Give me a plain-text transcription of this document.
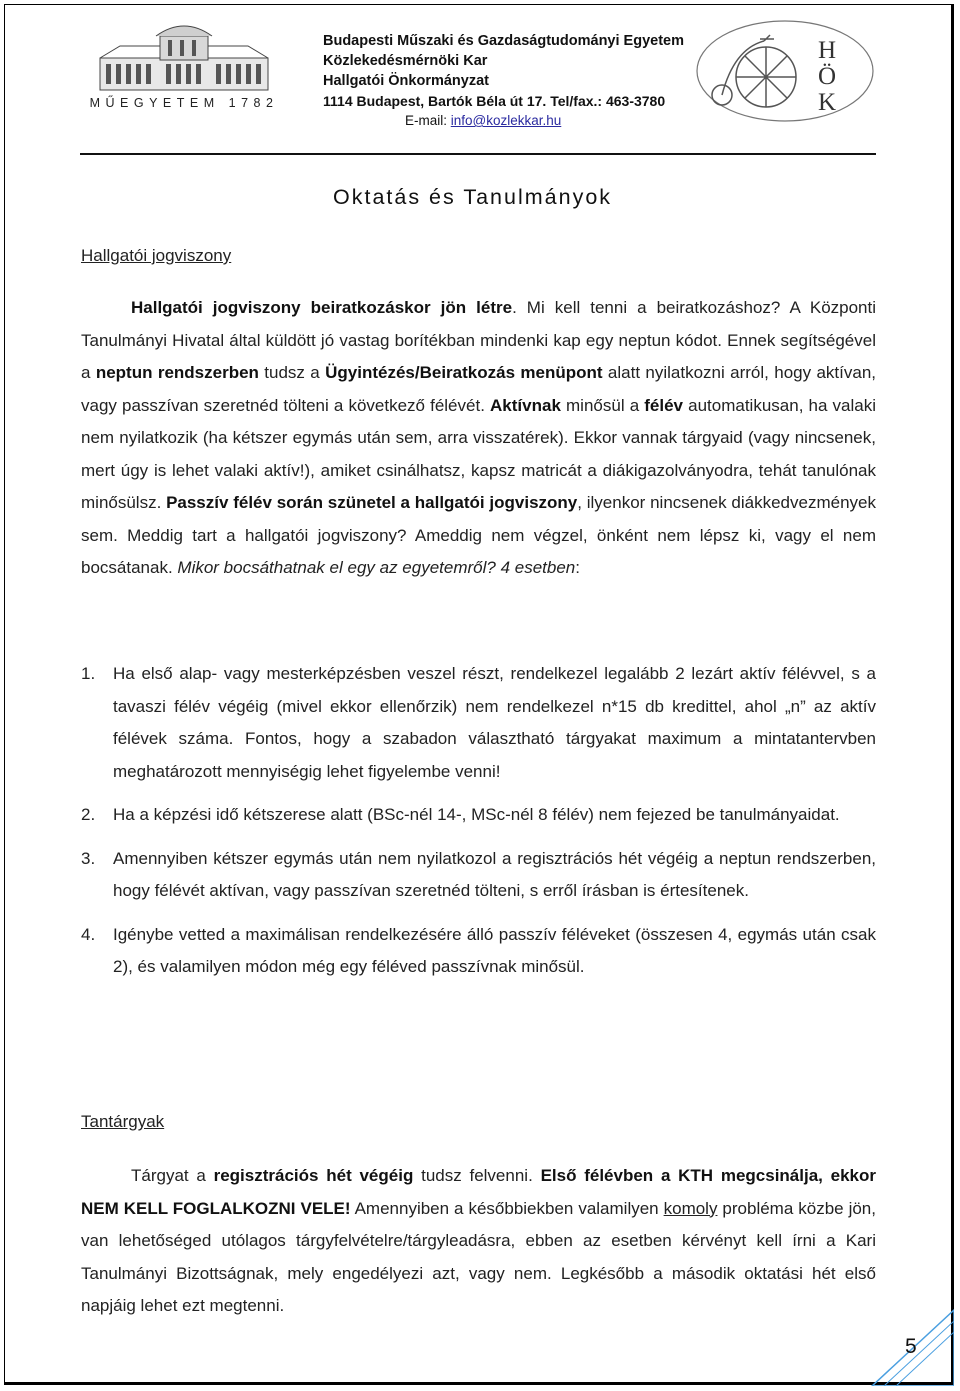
MŰEGYETEM 1782
Budapesti Műszaki és Gazdaságtudományi Egyetem
Közlekedésmérnöki Kar
Hallgatói Önkormányzat
1114 Budapest, Bartók Béla út 17. Tel/fax.: 463-3780
E-mail: info@kozlekkar.hu
H
Ö
K
Oktatás és Tanulmányok
Hallgatói jogviszony
Hallgatói jogviszony beiratkozáskor jön létre. Mi kell tenni a beiratkozáshoz? A Központi Tanulmányi Hivatal által küldött jó vastag borítékban mindenki kap egy neptun kódot. Ennek segítségével a neptun rendszerben tudsz a Ügyintézés/Beiratkozás menüpont alatt nyilatkozni arról, hogy aktívan, vagy passzívan szeretnéd tölteni a következő félévét. Aktívnak minősül a félév automatikusan, ha valaki nem nyilatkozik (ha kétszer egymás után sem, arra visszatérek). Ekkor vannak tárgyaid (vagy nincsenek, mert úgy is lehet valaki aktív!), amiket csinálhatsz, kapsz matricát a diákigazolványodra, tehát tanulónak minősülsz. Passzív félév során szünetel a hallgatói jogviszony, ilyenkor nincsenek diákkedvezmények sem. Meddig tart a hallgatói jogviszony? Ameddig nem végzel, önként nem lépsz ki, vagy el nem bocsátanak. Mikor bocsáthatnak el egy az egyetemről? 4 esetben:
1. Ha első alap- vagy mesterképzésben veszel részt, rendelkezel legalább 2 lezárt aktív félévvel, s a tavaszi félév végéig (mivel ekkor ellenőrzik) nem rendelkezel n*15 db kredittel, ahol „n” az aktív félévek száma. Fontos, hogy a szabadon választható tárgyakat maximum a mintatantervben meghatározott mennyiségig lehet figyelembe venni!
2. Ha a képzési idő kétszerese alatt (BSc-nél 14-, MSc-nél 8 félév) nem fejezed be tanulmányaidat.
3. Amennyiben kétszer egymás után nem nyilatkozol a regisztrációs hét végéig a neptun rendszerben, hogy félévét aktívan, vagy passzívan szeretnéd tölteni, s erről írásban is értesítenek.
4. Igénybe vetted a maximálisan rendelkezésére álló passzív féléveket (összesen 4, egymás után csak 2), és valamilyen módon még egy féléved passzívnak minősül.
Tantárgyak
Tárgyat a regisztrációs hét végéig tudsz felvenni. Első félévben a KTH megcsinálja, ekkor NEM KELL FOGLALKOZNI VELE! Amennyiben a későbbiekben valamilyen komoly probléma közbe jön, van lehetőséged utólagos tárgyfelvételre/tárgyleadásra, ebben az esetben kérvényt kell írni a Kari Tanulmányi Bizottságnak, mely engedélyezi azt, vagy nem. Legkésőbb a második oktatási hét első napjáig lehet ezt megtenni.
5
